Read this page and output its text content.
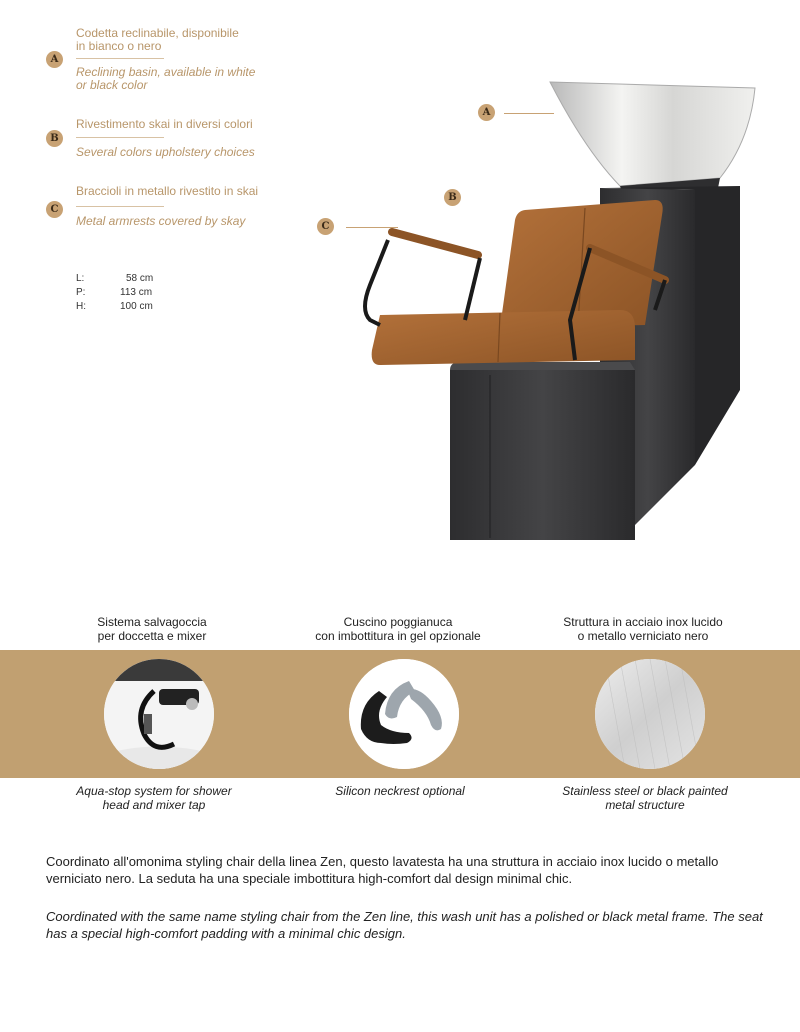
A
Codetta reclinabile, disponibile
in bianco o nero
Reclining basin, available in white
or black color
B
Rivestimento skai in diversi colori
Several colors upholstery choices
C
Braccioli in metallo rivestito in skai
Metal armrests covered by skay
L:	58 cm
P:	113 cm
H:	100 cm
A
B
C
Sistema salvagoccia
per doccetta e mixer
Cuscino poggianuca
con imbottitura in gel opzionale
Struttura in acciaio inox lucido
o metallo verniciato nero
Aqua-stop system for shower
head and mixer tap
Silicon neckrest optional	Stainless steel or black painted
metal structure
Coordinato all'omonima styling chair della linea Zen, questo lavatesta ha una struttura in acciaio inox lucido o metallo verniciato nero. La seduta ha una speciale imbottitura high-comfort dal design minimal chic.
Coordinated with the same name styling chair from the Zen line, this wash unit has a polished or black metal frame. The seat has a special high-comfort padding with a minimal chic design.
